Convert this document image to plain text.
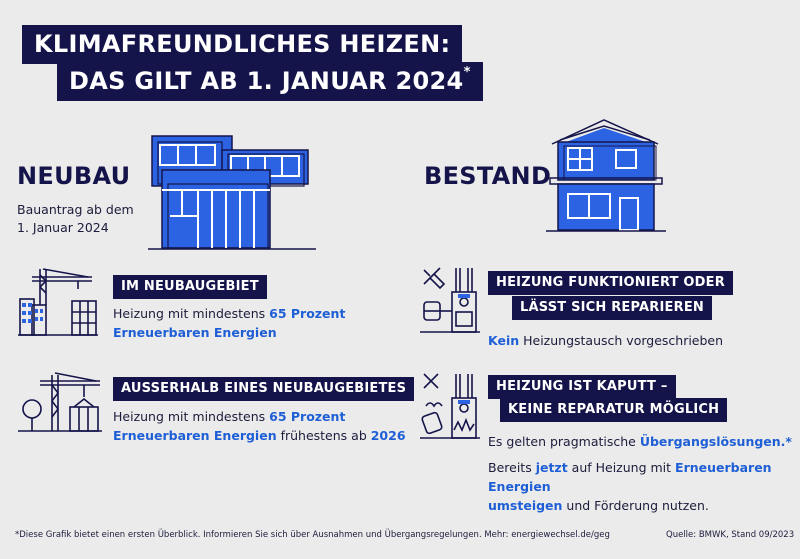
KLIMAFREUNDLICHES HEIZEN:
DAS GILT AB 1. JANUAR 2024*
NEUBAU
Bauantrag ab dem
1. Januar 2024
IM NEUBAUGEBIET
Heizung mit mindestens 65 Prozent
Erneuerbaren Energien
AUSSERHALB EINES NEUBAUGEBIETES
Heizung mit mindestens 65 Prozent
Erneuerbaren Energien frühestens ab 2026
BESTAND
HEIZUNG FUNKTIONIERT ODER
LÄSST SICH REPARIEREN
Kein Heizungstausch vorgeschrieben
HEIZUNG IST KAPUTT –
KEINE REPARATUR MÖGLICH
Es gelten pragmatische Übergangslösungen.*
Bereits jetzt auf Heizung mit Erneuerbaren Energien
umsteigen und Förderung nutzen.
*Diese Grafik bietet einen ersten Überblick. Informieren Sie sich über Ausnahmen und Übergangsregelungen. Mehr: energiewechsel.de/geg	Quelle: BMWK, Stand 09/2023
